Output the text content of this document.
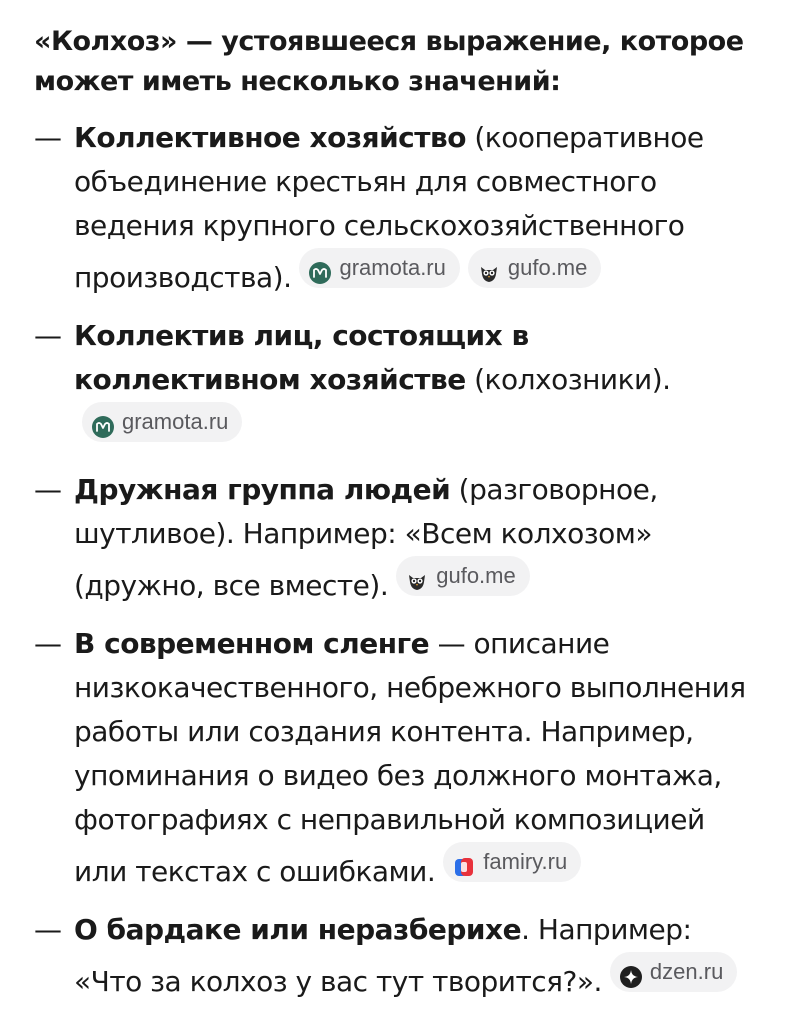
«Колхоз» — устоявшееся выражение, которое может иметь несколько значений:
— Коллективное хозяйство (кооперативное объединение крестьян для совместного ведения крупного сельскохозяйственного производства). gramota.ru	gufo.me
— Коллектив лиц, состоящих в коллективном хозяйстве (колхозники).
gramota.ru
— Дружная группа людей (разговорное, шутливое). Например: «Всем колхозом» (дружно, все вместе). gufo.me
— В современном сленге — описание низкокачественного, небрежного выполнения работы или создания контента. Например, упоминания о видео без должного монтажа, фотографиях с неправильной композицией или текстах с ошибками. famiry.ru
— О бардаке или неразберихе. Например: «Что за колхоз у вас тут творится?». dzen.ru
